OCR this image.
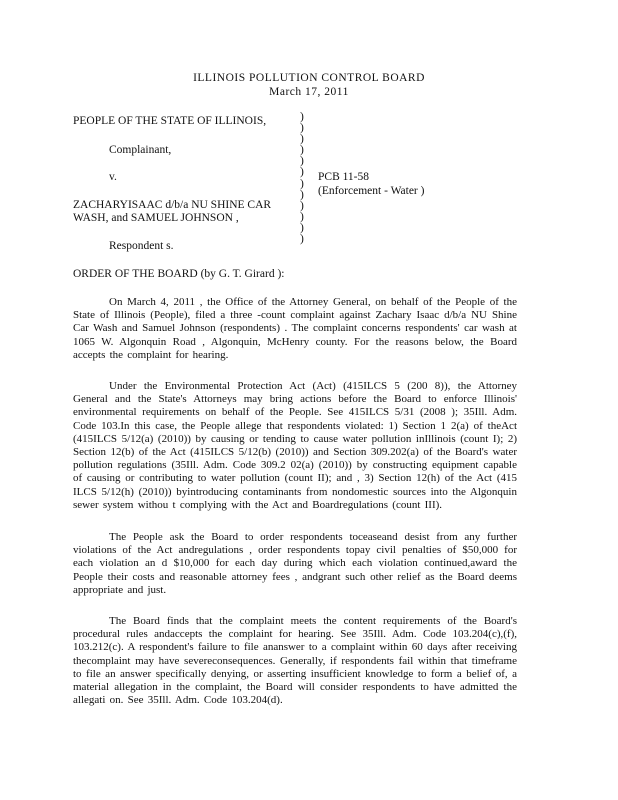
ILLINOIS POLLUTION CONTROL BOARD
March 17, 2011
PEOPLE OF THE STATE OF ILLINOIS,
Complainant,
v.
ZACHARYISAAC d/b/a NU SHINE CAR
WASH, and SAMUEL JOHNSON ,
Respondent s.
)
)
)
)
)
)
)
)
)
)
)
)
PCB 11-58
(Enforcement - Water )
ORDER OF THE BOARD (by G. T. Girard ):
On March 4, 2011 , the Office of the Attorney General, on behalf of the People of the State of Illinois (People), filed a three -count complaint against Zachary Isaac d/b/a NU Shine Car Wash and Samuel Johnson (respondents) . The complaint concerns respondents' car wash at 1065 W. Algonquin Road , Algonquin, McHenry county. For the reasons below, the Board accepts the complaint for hearing.
Under the Environmental Protection Act (Act) (415ILCS 5 (200 8)), the Attorney General and the State's Attorneys may bring actions before the Board to enforce Illinois' environmental requirements on behalf of the People. See 415ILCS 5/31 (2008 ); 35Ill. Adm. Code 103.In this case, the People allege that respondents violated: 1) Section 1 2(a) of theAct (415ILCS 5/12(a) (2010)) by causing or tending to cause water pollution inIllinois (count I); 2) Section 12(b) of the Act (415ILCS 5/12(b) (2010)) and Section 309.202(a) of the Board's water pollution regulations (35Ill. Adm. Code 309.2 02(a) (2010)) by constructing equipment capable of causing or contributing to water pollution (count II); and , 3) Section 12(h) of the Act (415 ILCS 5/12(h) (2010)) byintroducing contaminants from nondomestic sources into the Algonquin sewer system withou t complying with the Act and Boardregulations (count III).
The People ask the Board to order respondents toceaseand desist from any further violations of the Act andregulations , order respondents topay civil penalties of $50,000 for each violation an d $10,000 for each day during which each violation continued,award the People their costs and reasonable attorney fees , andgrant such other relief as the Board deems appropriate and just.
The Board finds that the complaint meets the content requirements of the Board's procedural rules andaccepts the complaint for hearing. See 35Ill. Adm. Code 103.204(c),(f), 103.212(c). A respondent's failure to file ananswer to a complaint within 60 days after receiving thecomplaint may have severeconsequences. Generally, if respondents fail within that timeframe to file an answer specifically denying, or asserting insufficient knowledge to form a belief of, a material allegation in the complaint, the Board will consider respondents to have admitted the allegati on. See 35Ill. Adm. Code 103.204(d).
